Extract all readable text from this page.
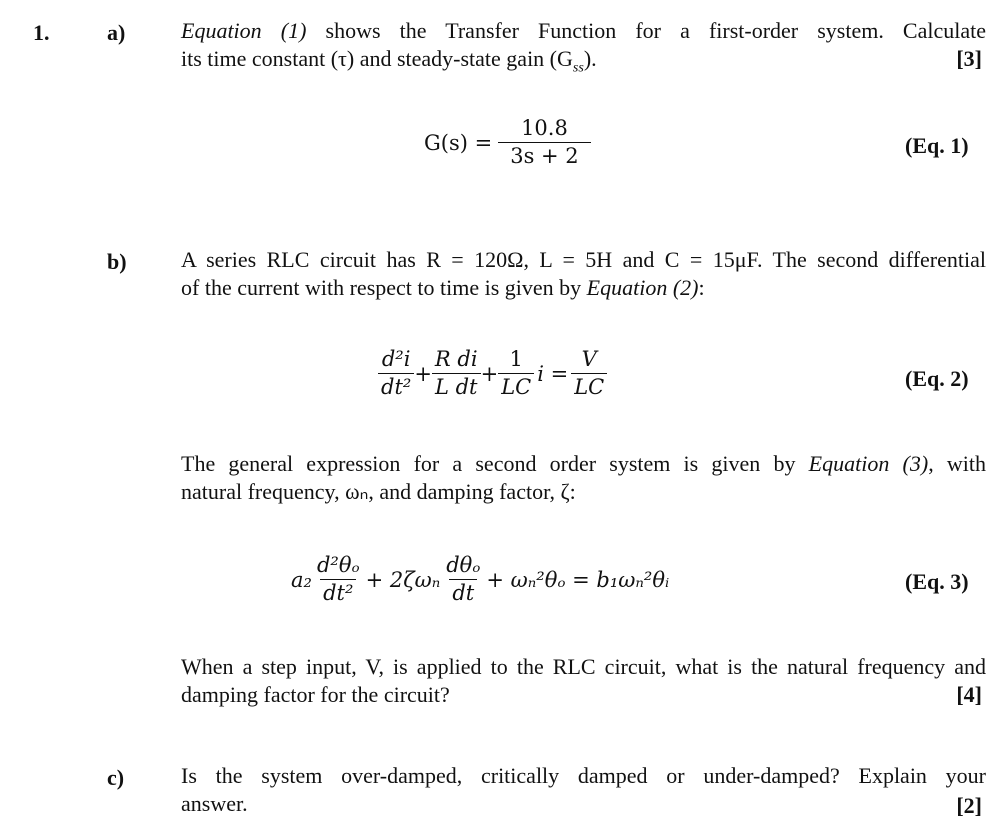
1.	a)	Equation (1) shows the Transfer Function for a first-order system. Calculate
its time constant (τ) and steady-state gain $(G_{ss})$.	[3]
$G(s) = \frac{10.8}{3s + 2}$	(Eq. 1)
b) A series RLC circuit has R = 120Ω, L = 5H and C = 15μF. The second differential
of the current with respect to time is given by Equation (2):
$\frac{\text{d²i}}{\text{dt²}} + \frac{\text{R di}}{\text{L dt}} + \frac{1}{LC}$ $i = \frac{V}{LC}$	(Eq. 2)
The general expression for a second order system is given by Equation (3), with
natural frequency, ωₙ, and damping factor, ζ:
$a_2 \frac{\text{d²θₒ}}{\text{dt²}} + 2\zeta\omega_n \frac{\text{dθₒ}}{dt} + \omega_n^2\theta_o$ = b₁ωₙ²θᵢ	(Eq. 3)
When a step input, V, is applied to the RLC circuit, what is the natural frequency and
damping factor for the circuit?	[4]
c)	Is the system over-damped, critically damped or under-damped? Explain your
answer.	[2]
